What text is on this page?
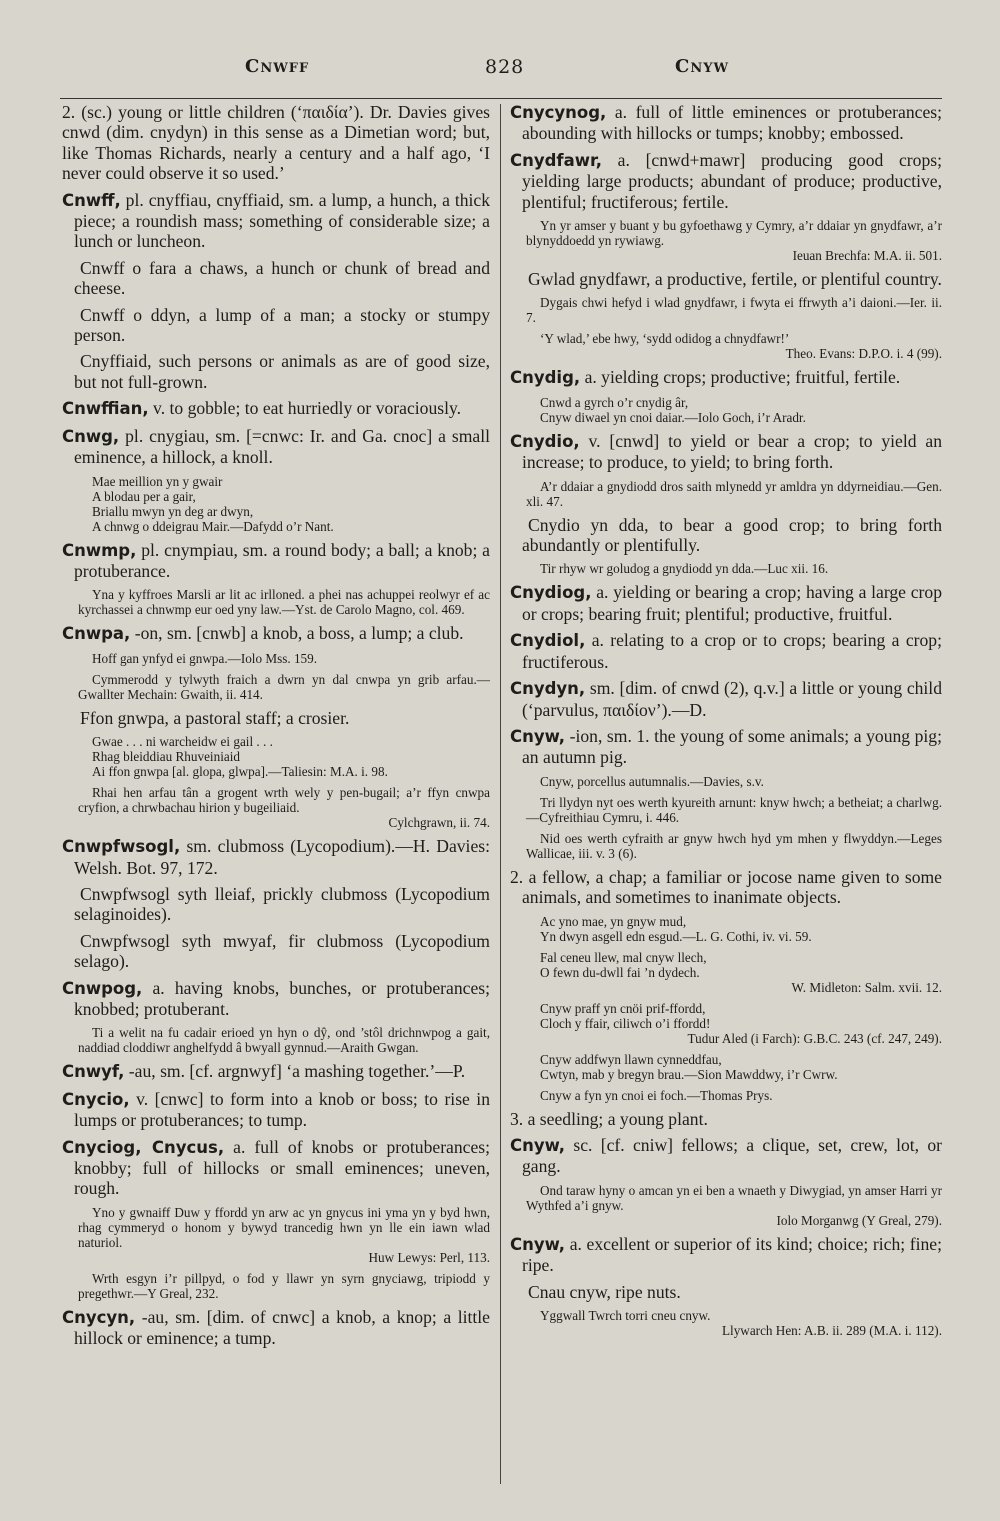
Cnwff	828	Cnyw

2. (sc.) young or little children (‘παιδία’). Dr. Davies gives cnwd (dim. cnydyn) in this sense as a Dimetian word; but, like Thomas Richards, nearly a century and a half ago, ‘I never could observe it so used.’

Cnwff, pl. cnyffiau, cnyffiaid, sm. a lump, a hunch, a thick piece; a roundish mass; something of considerable size; a lunch or luncheon.

Cnwff o fara a chaws, a hunch or chunk of bread and cheese.

Cnwff o ddyn, a lump of a man; a stocky or stumpy person.

Cnyffiaid, such persons or animals as are of good size, but not full-grown.

Cnwffian, v. to gobble; to eat hurriedly or voraciously.

Cnwg, pl. cnygiau, sm. [=cnwc: Ir. and Ga. cnoc] a small eminence, a hillock, a knoll.

Mae meillion yn y gwair
A blodau per a gair,
Briallu mwyn yn deg ar dwyn,
A chnwg o ddeigrau Mair.—Dafydd o’r Nant.

Cnwmp, pl. cnympiau, sm. a round body; a ball; a knob; a protuberance.

Yna y kyffroes Marsli ar lit ac irlloned. a phei nas achuppei reolwyr ef ac kyrchassei a chnwmp eur oed yny law.—Yst. de Carolo Magno, col. 469.

Cnwpa, -on, sm. [cnwb] a knob, a boss, a lump; a club.

Hoff gan ynfyd ei gnwpa.—Iolo Mss. 159.

Cymmerodd y tylwyth fraich a dwrn yn dal cnwpa yn grib arfau.—Gwallter Mechain: Gwaith, ii. 414.

Ffon gnwpa, a pastoral staff; a crosier.

Gwae . . . ni warcheidw ei gail . . .
Rhag bleiddiau Rhuveiniaid
Ai ffon gnwpa [al. glopa, glwpa].—Taliesin: M.A. i. 98.

Rhai hen arfau tân a grogent wrth wely y pen-bugail; a’r ffyn cnwpa cryfion, a chrwbachau hirion y bugeiliaid.
Cylchgrawn, ii. 74.

Cnwpfwsogl, sm. clubmoss (Lycopodium).—H. Davies: Welsh. Bot. 97, 172.

Cnwpfwsogl syth lleiaf, prickly clubmoss (Lycopodium selaginoides).

Cnwpfwsogl syth mwyaf, fir clubmoss (Lycopodium selago).

Cnwpog, a. having knobs, bunches, or protuberances; knobbed; protuberant.

Ti a welit na fu cadair erioed yn hyn o dŷ, ond ’stôl drichnwpog a gait, naddiad cloddiwr anghelfydd â bwyall gynnud.—Araith Gwgan.

Cnwyf, -au, sm. [cf. argnwyf] ‘a mashing together.’—P.

Cnycio, v. [cnwc] to form into a knob or boss; to rise in lumps or protuberances; to tump.

Cnyciog, Cnycus, a. full of knobs or protuberances; knobby; full of hillocks or small eminences; uneven, rough.

Yno y gwnaiff Duw y ffordd yn arw ac yn gnycus ini yma yn y byd hwn, rhag cymmeryd o honom y bywyd trancedig hwn yn lle ein iawn wlad naturiol.
Huw Lewys: Perl, 113.

Wrth esgyn i’r pillpyd, o fod y llawr yn syrn gnyciawg, tripiodd y pregethwr.—Y Greal, 232.

Cnycyn, -au, sm. [dim. of cnwc] a knob, a knop; a little hillock or eminence; a tump.

Cnycynog, a. full of little eminences or protuberances; abounding with hillocks or tumps; knobby; embossed.

Cnydfawr, a. [cnwd+mawr] producing good crops; yielding large products; abundant of produce; productive, plentiful; fructiferous; fertile.

Yn yr amser y buant y bu gyfoethawg y Cymry, a’r ddaiar yn gnydfawr, a’r blynyddoedd yn rywiawg.
Ieuan Brechfa: M.A. ii. 501.

Gwlad gnydfawr, a productive, fertile, or plentiful country.

Dygais chwi hefyd i wlad gnydfawr, i fwyta ei ffrwyth a’i daioni.—Ier. ii. 7.

‘Y wlad,’ ebe hwy, ‘sydd odidog a chnydfawr!’
Theo. Evans: D.P.O. i. 4 (99).

Cnydig, a. yielding crops; productive; fruitful, fertile.

Cnwd a gyrch o’r cnydig âr,
Cnyw diwael yn cnoi daiar.—Iolo Goch, i’r Aradr.

Cnydio, v. [cnwd] to yield or bear a crop; to yield an increase; to produce, to yield; to bring forth.

A’r ddaiar a gnydiodd dros saith mlynedd yr amldra yn ddyrneidiau.—Gen. xli. 47.

Cnydio yn dda, to bear a good crop; to bring forth abundantly or plentifully.

Tir rhyw wr goludog a gnydiodd yn dda.—Luc xii. 16.

Cnydiog, a. yielding or bearing a crop; having a large crop or crops; bearing fruit; plentiful; productive, fruitful.

Cnydiol, a. relating to a crop or to crops; bearing a crop; fructiferous.

Cnydyn, sm. [dim. of cnwd (2), q.v.] a little or young child (‘parvulus, παιδίον’).—D.

Cnyw, -ion, sm. 1. the young of some animals; a young pig; an autumn pig.

Cnyw, porcellus autumnalis.—Davies, s.v.

Tri llydyn nyt oes werth kyureith arnunt: knyw hwch; a betheiat; a charlwg.—Cyfreithiau Cymru, i. 446.

Nid oes werth cyfraith ar gnyw hwch hyd ym mhen y flwyddyn.—Leges Wallicae, iii. v. 3 (6).

2. a fellow, a chap; a familiar or jocose name given to some animals, and sometimes to inanimate objects.

Ac yno mae, yn gnyw mud,
Yn dwyn asgell edn esgud.—L. G. Cothi, iv. vi. 59.

Fal ceneu llew, mal cnyw llech,
O fewn du-dwll fai ’n dydech.
W. Midleton: Salm. xvii. 12.

Cnyw praff yn cnöi prif-ffordd,
Cloch y ffair, ciliwch o’i ffordd!
Tudur Aled (i Farch): G.B.C. 243 (cf. 247, 249).

Cnyw addfwyn llawn cynneddfau,
Cwtyn, mab y bregyn brau.—Sion Mawddwy, i’r Cwrw.

Cnyw a fyn yn cnoi ei foch.—Thomas Prys.

3. a seedling; a young plant.

Cnyw, sc. [cf. cniw] fellows; a clique, set, crew, lot, or gang.

Ond taraw hyny o amcan yn ei ben a wnaeth y Diwygiad, yn amser Harri yr Wythfed a’i gnyw.
Iolo Morganwg (Y Greal, 279).

Cnyw, a. excellent or superior of its kind; choice; rich; fine; ripe.

Cnau cnyw, ripe nuts.

Yggwall Twrch torri cneu cnyw.
Llywarch Hen: A.B. ii. 289 (M.A. i. 112).
